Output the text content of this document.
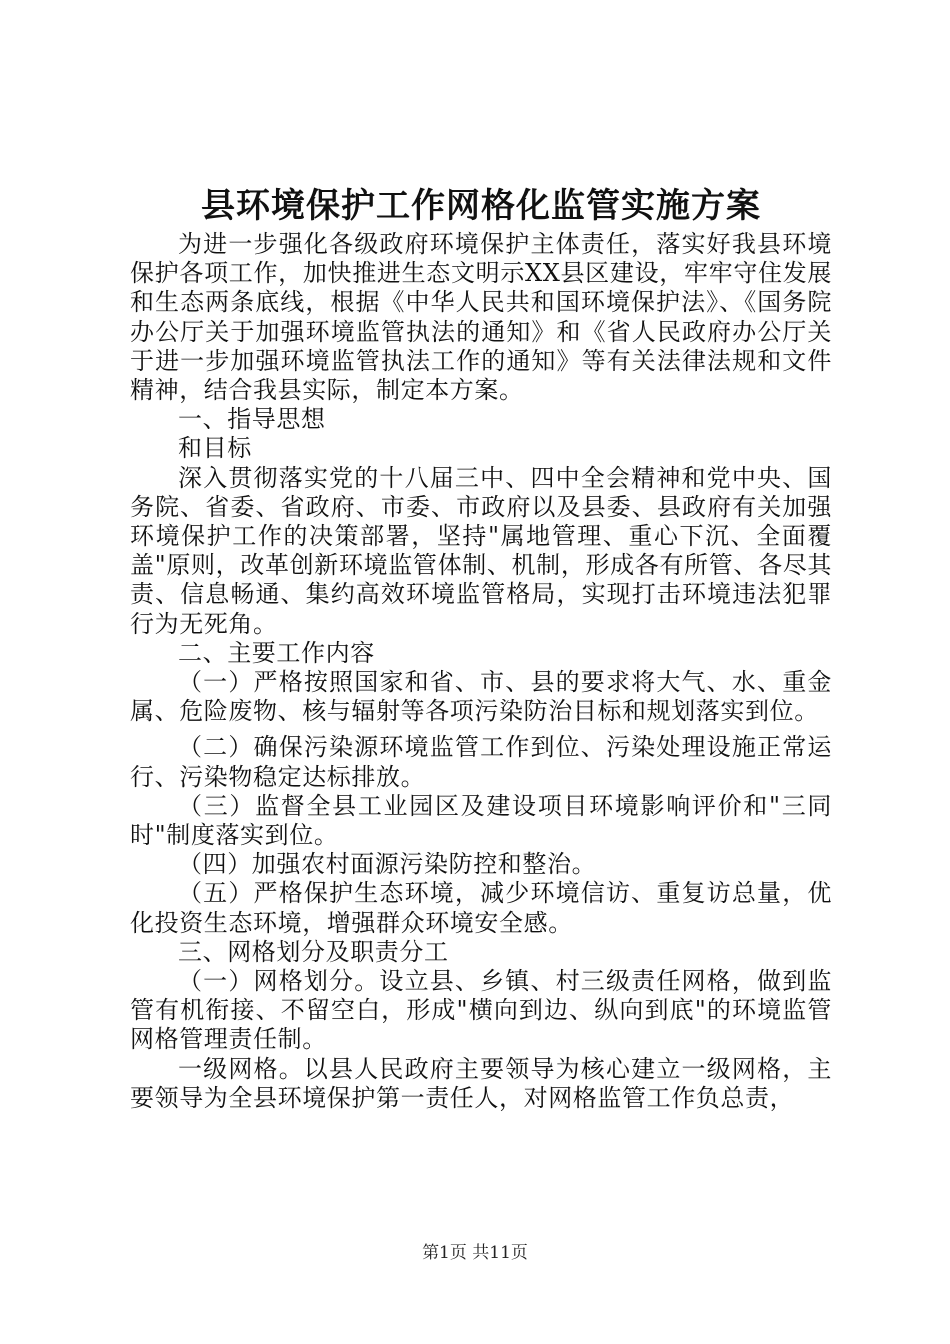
县环境保护工作网格化监管实施方案

为进一步强化各级政府环境保护主体责任，落实好我县环境保护各项工作，加快推进生态文明示XX县区建设，牢牢守住发展和生态两条底线，根据《中华人民共和国环境保护法》、《国务院办公厅关于加强环境监管执法的通知》和《省人民政府办公厅关于进一步加强环境监管执法工作的通知》等有关法律法规和文件精神，结合我县实际，制定本方案。

一、指导思想

和目标

深入贯彻落实党的十八届三中、四中全会精神和党中央、国务院、省委、省政府、市委、市政府以及县委、县政府有关加强环境保护工作的决策部署，坚持"属地管理、重心下沉、全面覆盖"原则，改革创新环境监管体制、机制，形成各有所管、各尽其责、信息畅通、集约高效环境监管格局，实现打击环境违法犯罪行为无死角。

二、主要工作内容

（一）严格按照国家和省、市、县的要求将大气、水、重金属、危险废物、核与辐射等各项污染防治目标和规划落实到位。

（二）确保污染源环境监管工作到位、污染处理设施正常运行、污染物稳定达标排放。

（三）监督全县工业园区及建设项目环境影响评价和"三同时"制度落实到位。

（四）加强农村面源污染防控和整治。

（五）严格保护生态环境，减少环境信访、重复访总量，优化投资生态环境，增强群众环境安全感。

三、网格划分及职责分工

（一）网格划分。设立县、乡镇、村三级责任网格，做到监管有机衔接、不留空白，形成"横向到边、纵向到底"的环境监管网格管理责任制。

一级网格。以县人民政府主要领导为核心建立一级网格，主要领导为全县环境保护第一责任人，对网格监管工作负总责，

第1页 共11页
